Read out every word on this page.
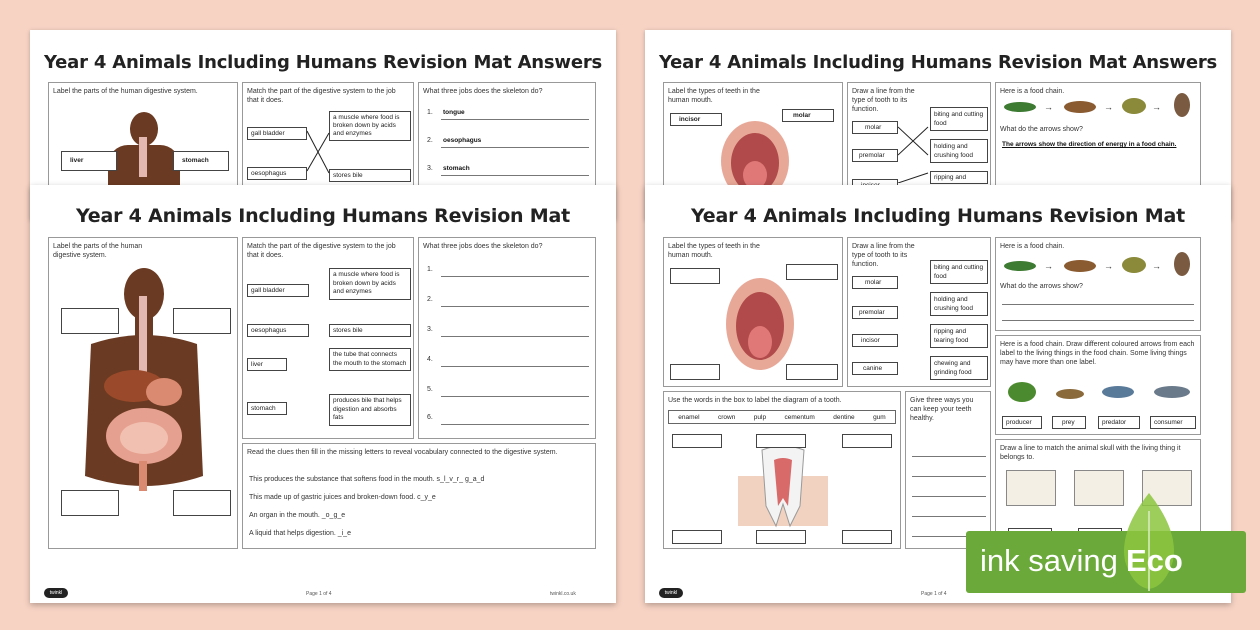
Year 4 Animals Including Humans Revision Mat Answers
Label the parts of the human digestive system.
liver	stomach
Match the part of the digestive system to the job that it does.
gall bladder
oesophagus
a muscle where food is broken down by acids and enzymes
stores bile
What three jobs does the skeleton do?
1. tongue
2. oesophagus
3. stomach
Year 4 Animals Including Humans Revision Mat Answers
Label the types of teeth in the human mouth.
incisor
molar
Draw a line from the type of tooth to its function.
molar
premolar
biting and cutting food
holding and crushing food
ripping and
Here is a food chain.
→	→	→
What do the arrows show?
The arrows show the direction of energy in a food chain.
Year 4 Animals Including Humans Revision Mat
Label the parts of the human digestive system.
Match the part of the digestive system to the job that it does.
gall bladder
oesophagus
liver
stomach
a muscle where food is broken down by acids and enzymes
stores bile
the tube that connects the mouth to the stomach
produces bile that helps digestion and absorbs fats
What three jobs does the skeleton do?
1.
2.
3.
4.
5.
6.
Read the clues then fill in the missing letters to reveal vocabulary connected to the digestive system.
This produces the substance that softens food in the mouth. s_l_v_r_ g_a_d
This made up of gastric juices and broken-down food. c_y_e
An organ in the mouth. _o_g_e
A liquid that helps digestion. _i_e
twinkl	Page 1 of 4	twinkl.co.uk
Year 4 Animals Including Humans Revision Mat
Label the types of teeth in the human mouth.
Draw a line from the type of tooth to its function.
molar
premolar
incisor
canine
biting and cutting food
holding and crushing food
ripping and tearing food
chewing and grinding food
Here is a food chain.
→	→	→
What do the arrows show?
Here is a food chain. Draw different coloured arrows from each label to the living things in the food chain. Some living things may have more than one label.
producer	prey	predator	consumer
Use the words in the box to label the diagram of a tooth.
enamel	crown	pulp	cementum	dentine	gum
Give three ways you can keep your teeth healthy.
Draw a line to match the animal skull with the living thing it belongs to.
twinkl	Page 1 of 4
ink saving Eco
